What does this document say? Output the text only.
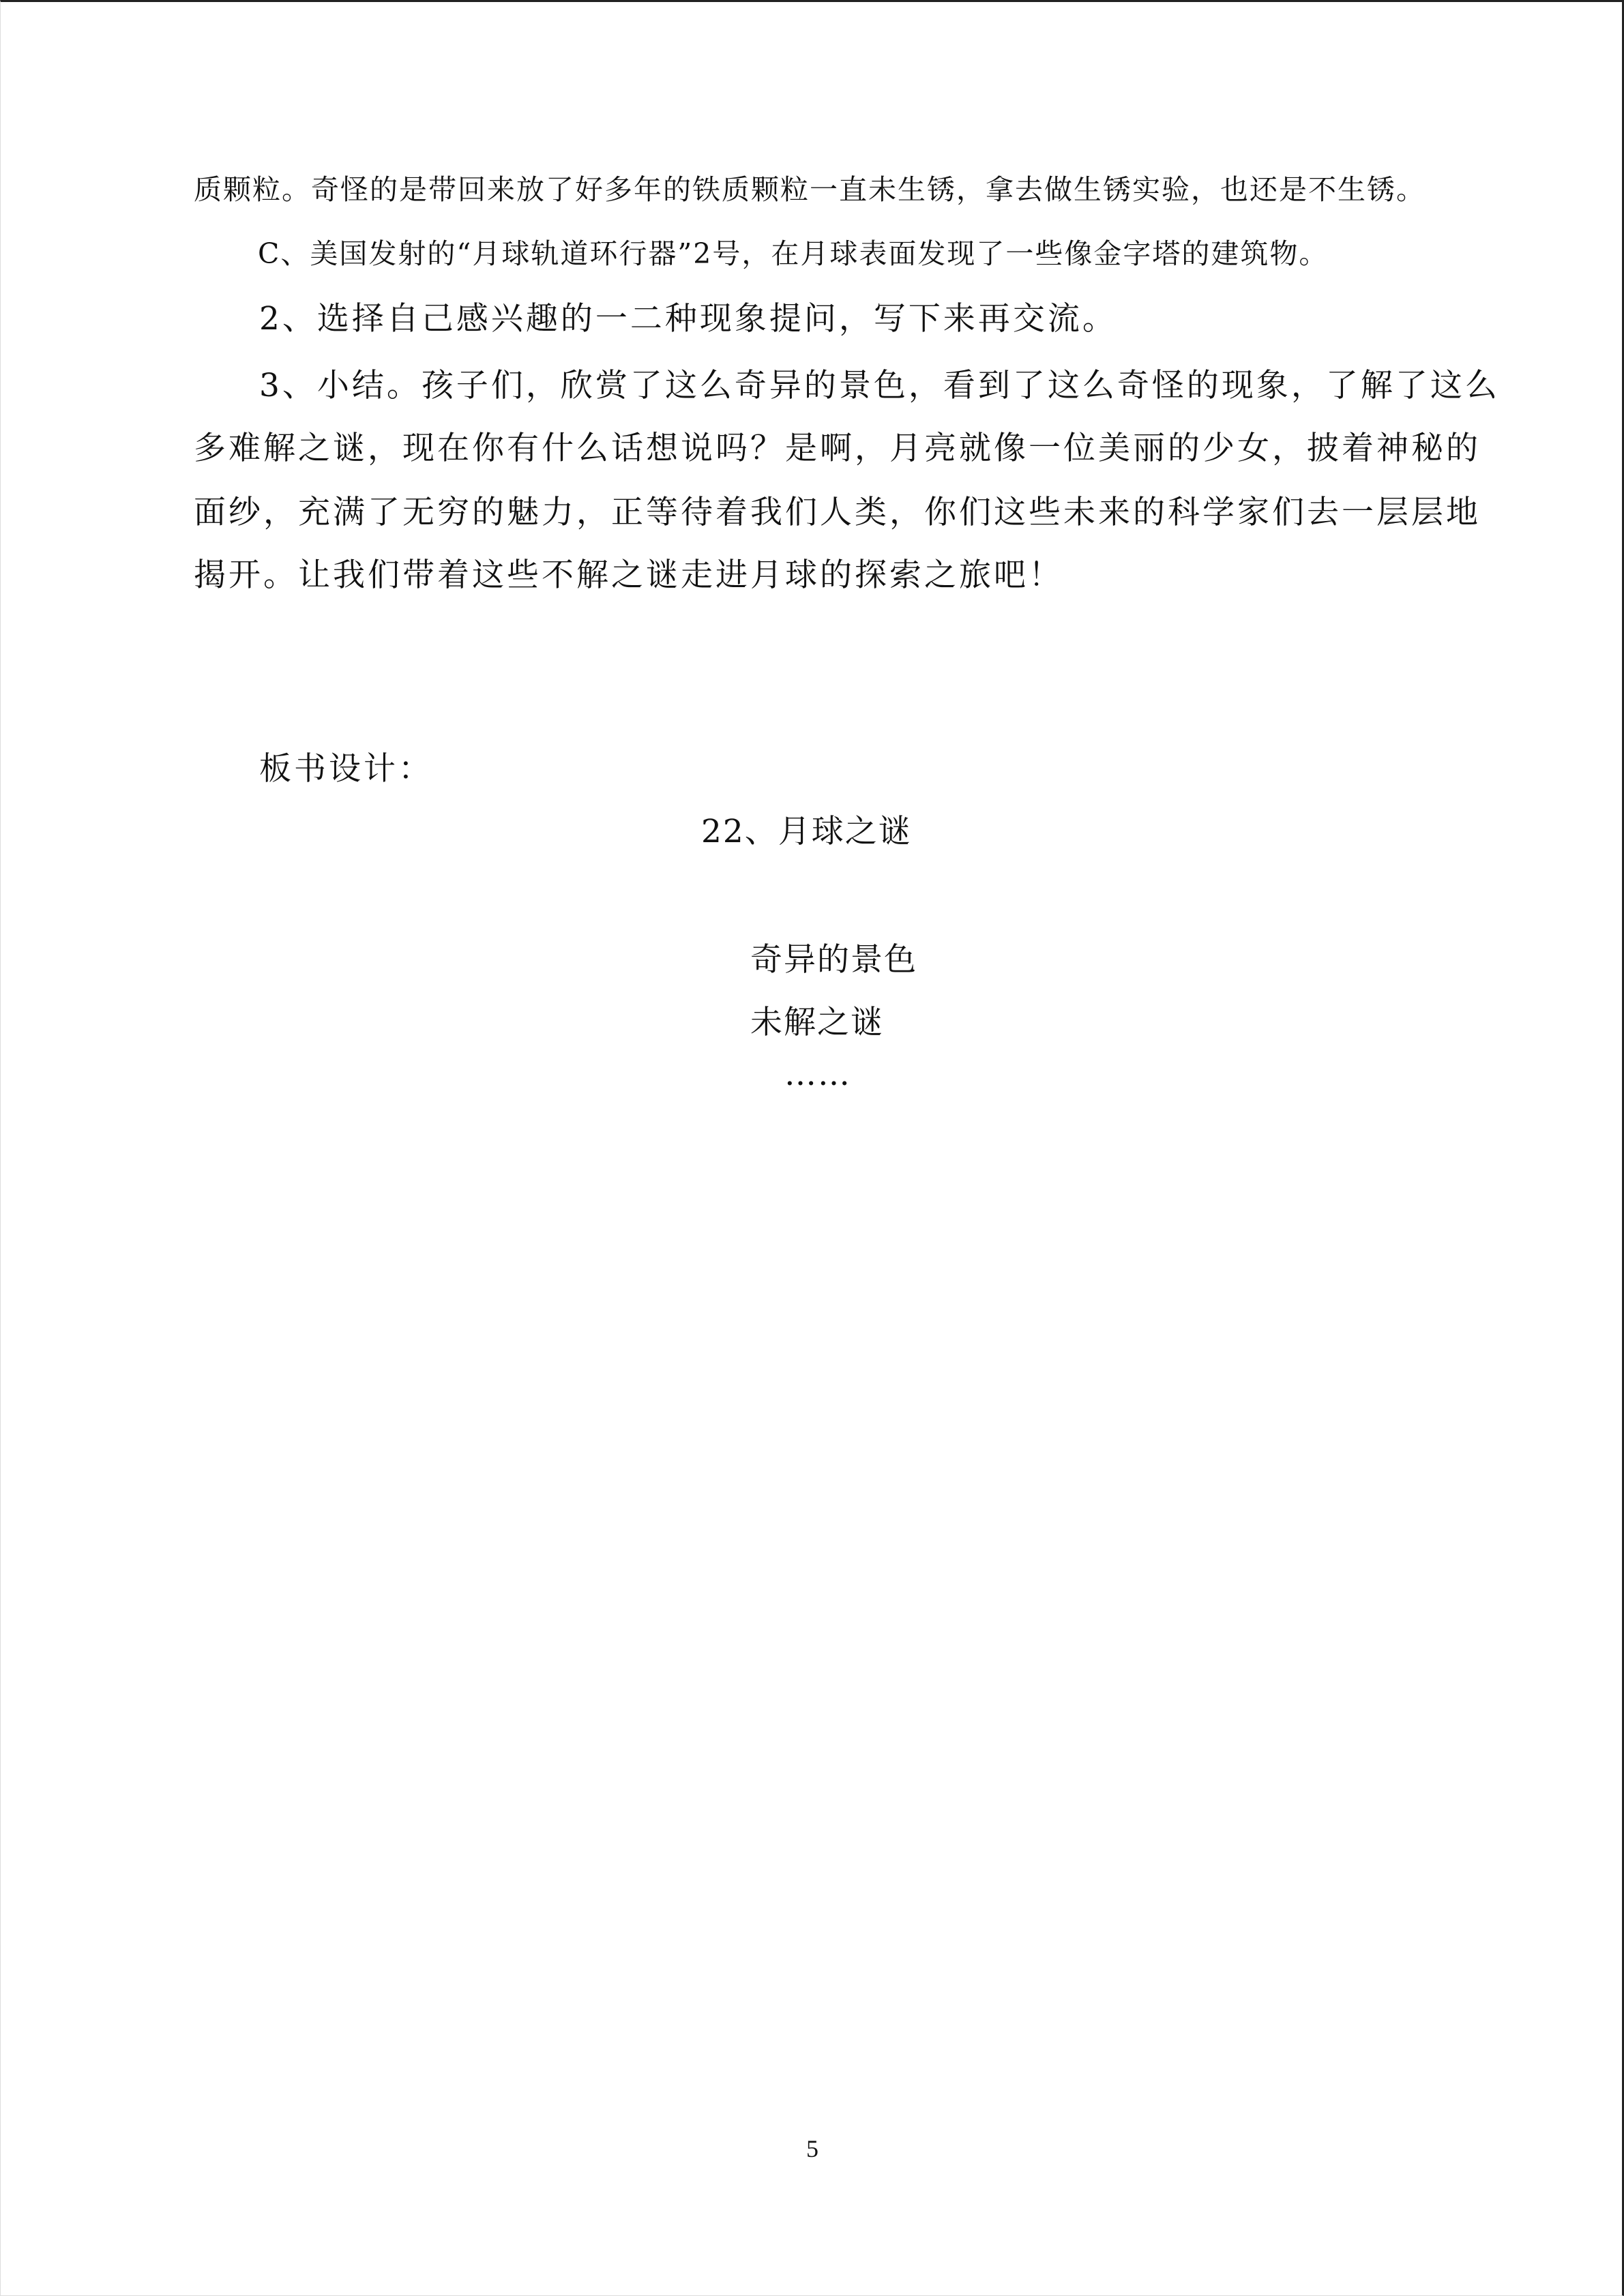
质颗粒。奇怪的是带回来放了好多年的铁质颗粒一直未生锈，拿去做生锈实验，也还是不生锈。
C、美国发射的“月球轨道环行器”2号，在月球表面发现了一些像金字塔的建筑物。
2、选择自己感兴趣的一二种现象提问，写下来再交流。
3、小结。孩子们，欣赏了这么奇异的景色，看到了这么奇怪的现象，了解了这么
多难解之谜，现在你有什么话想说吗？是啊，月亮就像一位美丽的少女，披着神秘的
面纱，充满了无穷的魅力，正等待着我们人类，你们这些未来的科学家们去一层层地
揭开。让我们带着这些不解之谜走进月球的探索之旅吧！
板书设计：
22、月球之谜
奇异的景色
未解之谜
……
5
